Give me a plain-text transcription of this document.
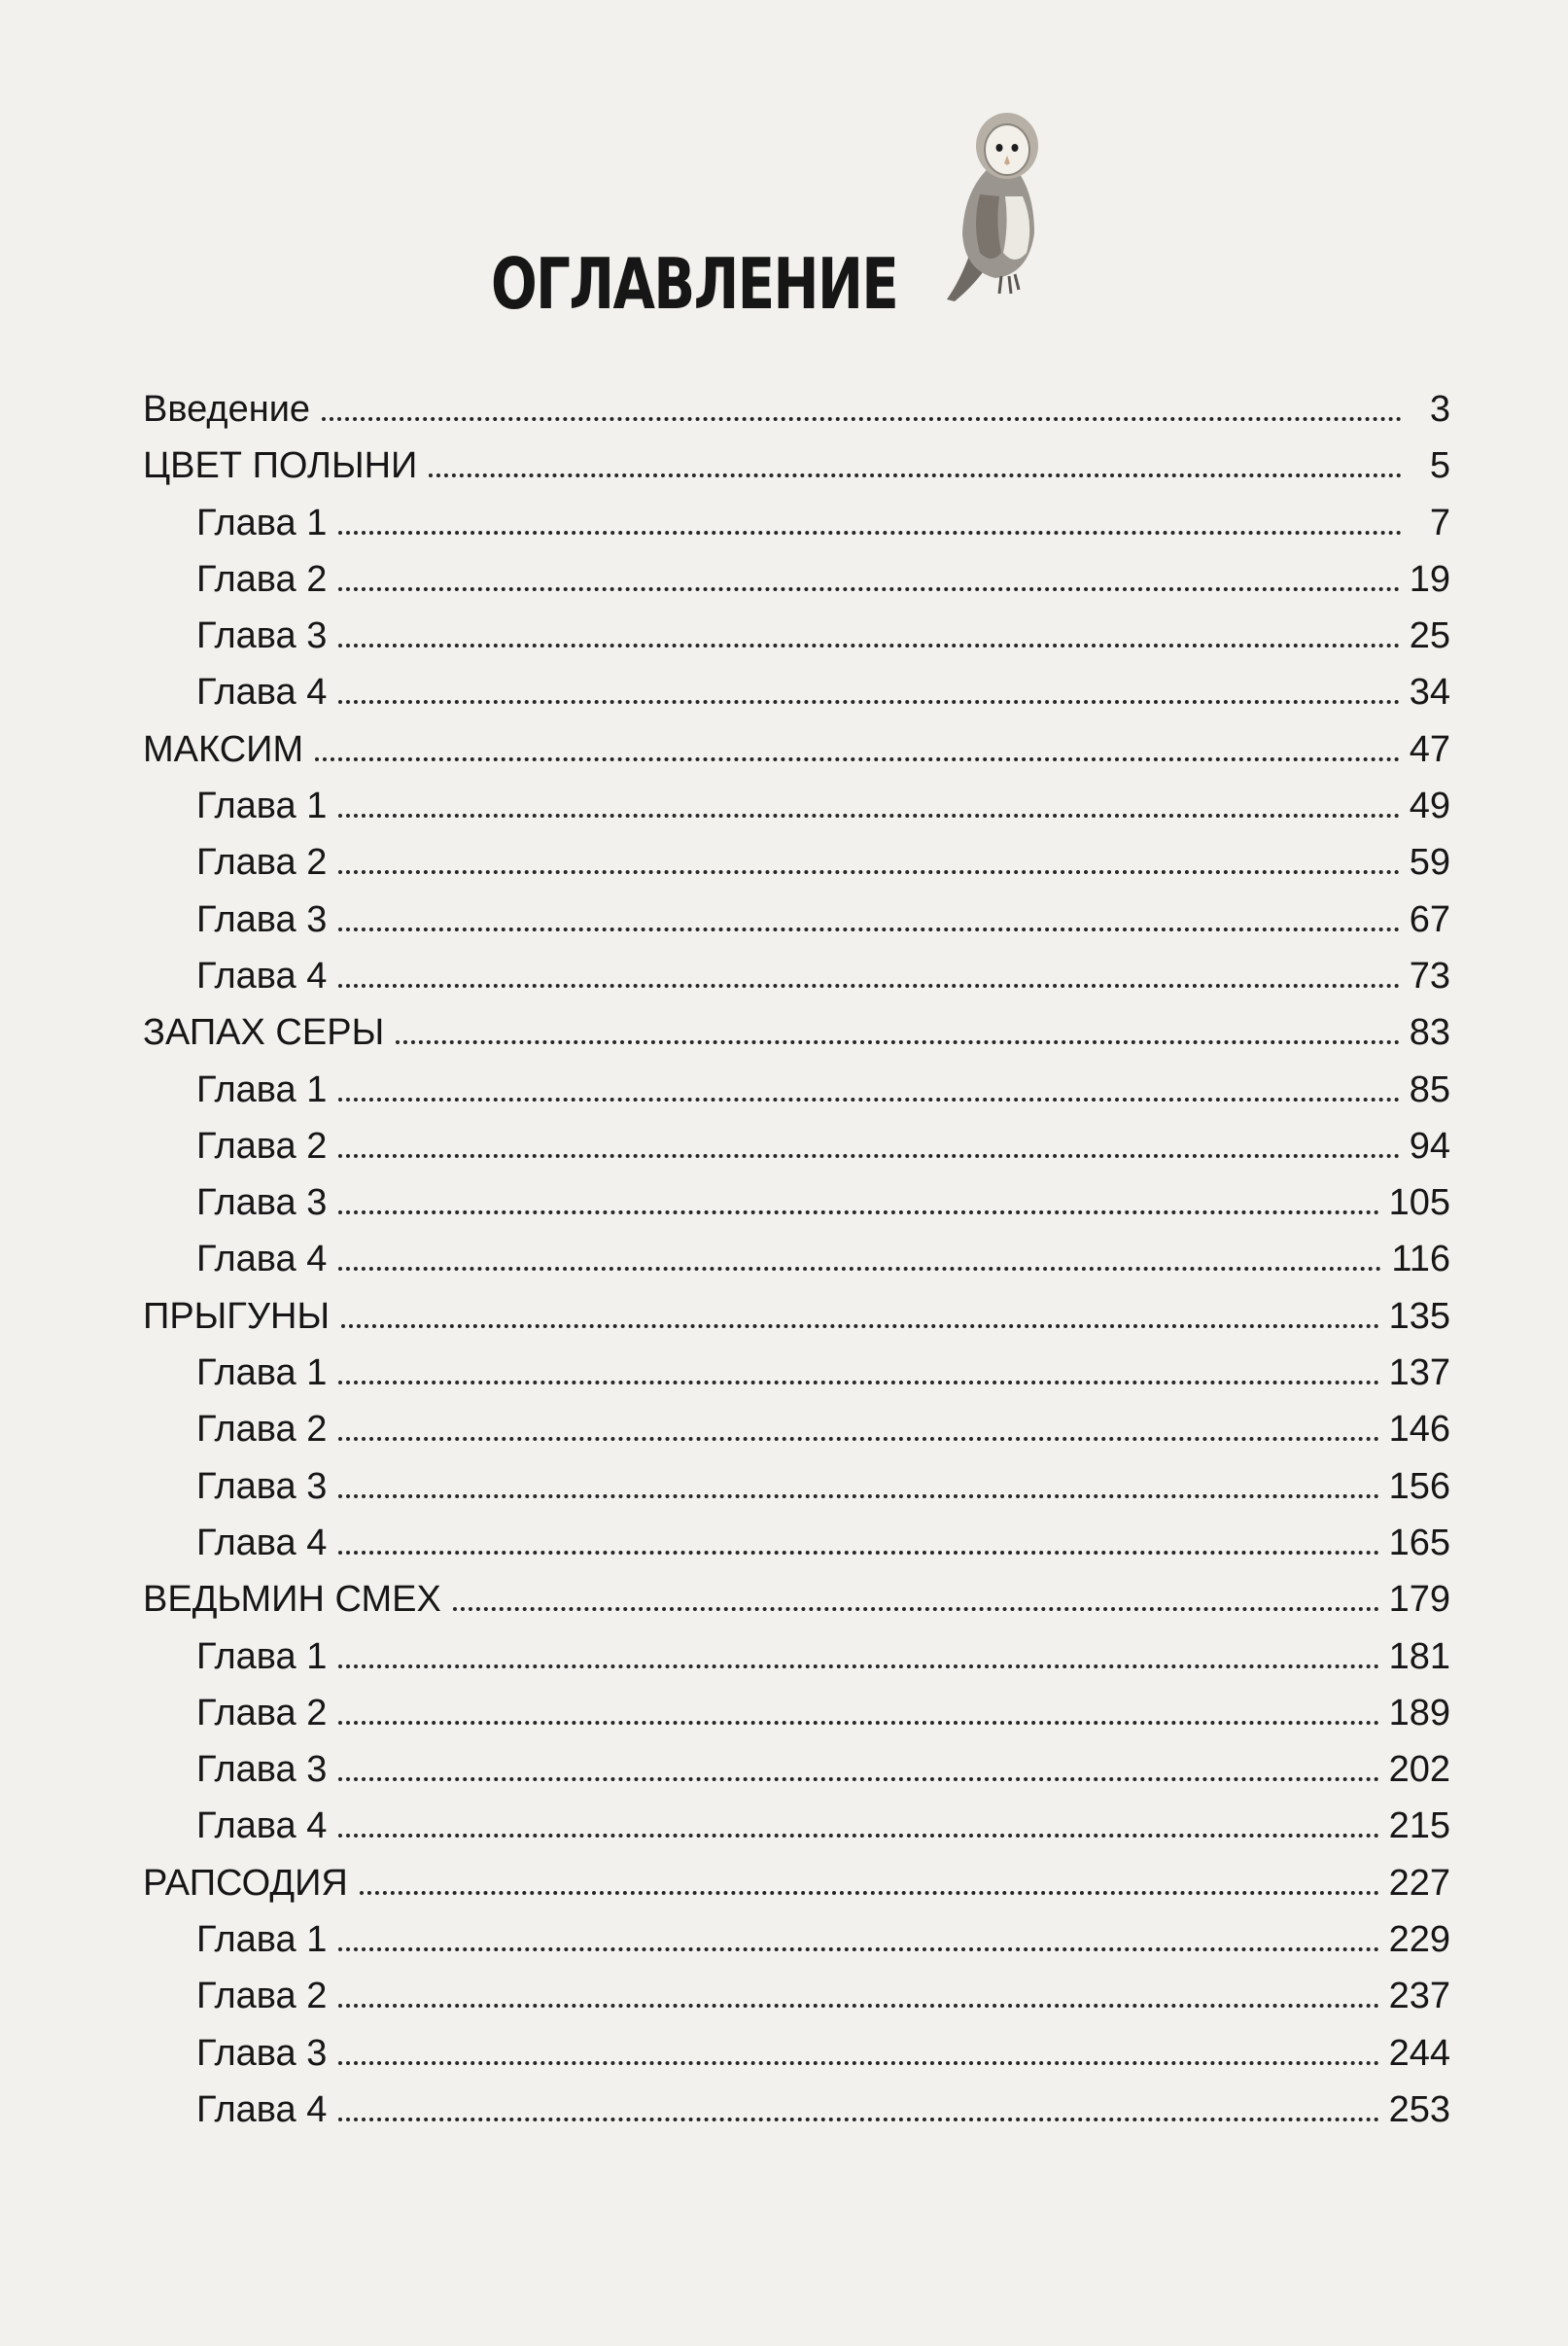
ОГЛАВЛЕНИЕ
Введение	3
ЦВЕТ ПОЛЫНИ	5
Глава 1	7
Глава 2	19
Глава 3	25
Глава 4	34
МАКСИМ	47
Глава 1	49
Глава 2	59
Глава 3	67
Глава 4	73
ЗАПАХ СЕРЫ	83
Глава 1	85
Глава 2	94
Глава 3	105
Глава 4	116
ПРЫГУНЫ	135
Глава 1	137
Глава 2	146
Глава 3	156
Глава 4	165
ВЕДЬМИН СМЕХ	179
Глава 1	181
Глава 2	189
Глава 3	202
Глава 4	215
РАПСОДИЯ	227
Глава 1	229
Глава 2	237
Глава 3	244
Глава 4	253
